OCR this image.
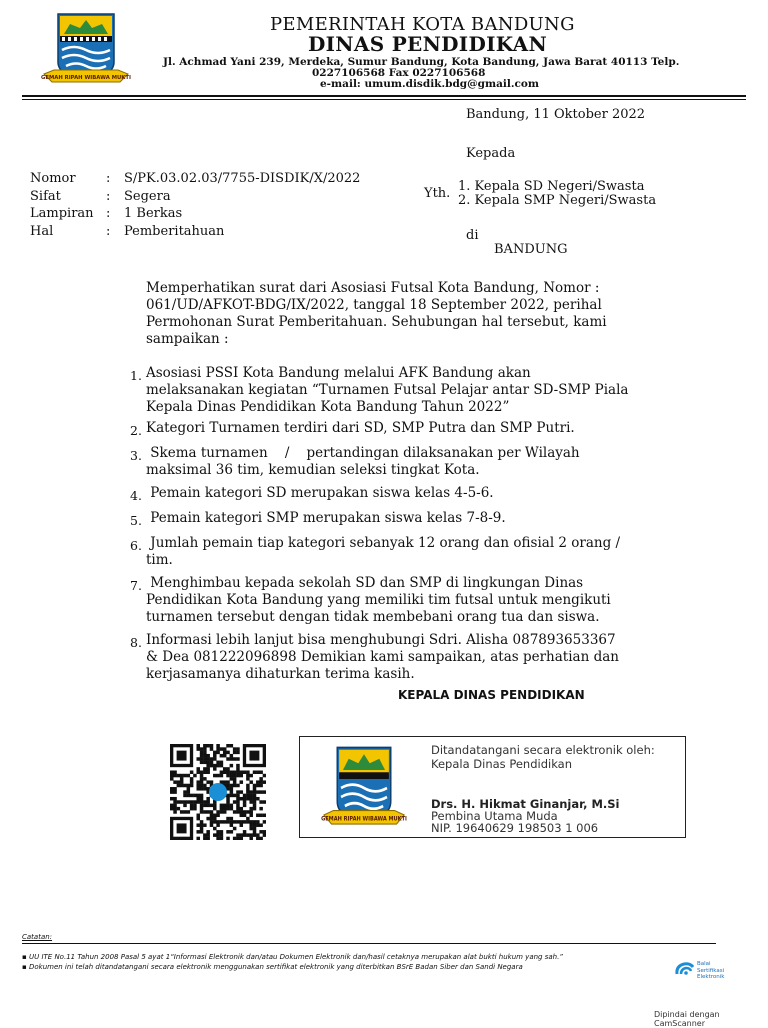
GEMAH RIPAH WIBAWA MUKTI
PEMERINTAH KOTA BANDUNG
DINAS PENDIDIKAN
Jl. Achmad Yani 239, Merdeka, Sumur Bandung, Kota Bandung, Jawa Barat 40113 Telp.
0227106568 Fax 0227106568
e-mail: umum.disdik.bdg@gmail.com
Bandung, 11 Oktober 2022
Kepada
Yth. 1. Kepala SD Negeri/Swasta
2. Kepala SMP Negeri/Swasta
di
BANDUNG
Nomor	:	S/PK.03.02.03/7755-DISDIK/X/2022
Sifat	:	Segera
Lampiran :	1 Berkas
Hal	:	Pemberitahuan
Memperhatikan surat dari Asosiasi Futsal Kota Bandung, Nomor :
061/UD/AFKOT-BDG/IX/2022, tanggal 18 September 2022, perihal
Permohonan Surat Pemberitahuan. Sehubungan hal tersebut, kami
sampaikan :
1. Asosiasi PSSI Kota Bandung melalui AFK Bandung akan
melaksanakan kegiatan “Turnamen Futsal Pelajar antar SD-SMP Piala
Kepala Dinas Pendidikan Kota Bandung Tahun 2022”
2. Kategori Turnamen terdiri dari SD, SMP Putra dan SMP Putri.
3. Skema turnamen    /    pertandingan dilaksanakan per Wilayah
maksimal 36 tim, kemudian seleksi tingkat Kota.
4. Pemain kategori SD merupakan siswa kelas 4-5-6.
5. Pemain kategori SMP merupakan siswa kelas 7-8-9.
6. Jumlah pemain tiap kategori sebanyak 12 orang dan ofisial 2 orang /
tim.
7. Menghimbau kepada sekolah SD dan SMP di lingkungan Dinas
Pendidikan Kota Bandung yang memiliki tim futsal untuk mengikuti
turnamen tersebut dengan tidak membebani orang tua dan siswa.
8. Informasi lebih lanjut bisa menghubungi Sdri. Alisha 087893653367
& Dea 081222096898 Demikian kami sampaikan, atas perhatian dan
kerjasamanya dihaturkan terima kasih.
KEPALA DINAS PENDIDIKAN
GEMAH RIPAH WIBAWA MUKTI
Ditandatangani secara elektronik oleh:
Kepala Dinas Pendidikan
Drs. H. Hikmat Ginanjar, M.Si
Pembina Utama Muda
NIP. 19640629 198503 1 006
Catatan:
▪ UU ITE No.11 Tahun 2008 Pasal 5 ayat 1“Informasi Elektronik dan/atau Dokumen Elektronik dan/hasil cetaknya merupakan alat bukti hukum yang sah.”
▪ Dokumen ini telah ditandatangani secara elektronik menggunakan sertifikat elektronik yang diterbitkan BSrE Badan Siber dan Sandi Negara	Balai
Sertifikasi
Elektronik
Dipindai dengan CamScanner
